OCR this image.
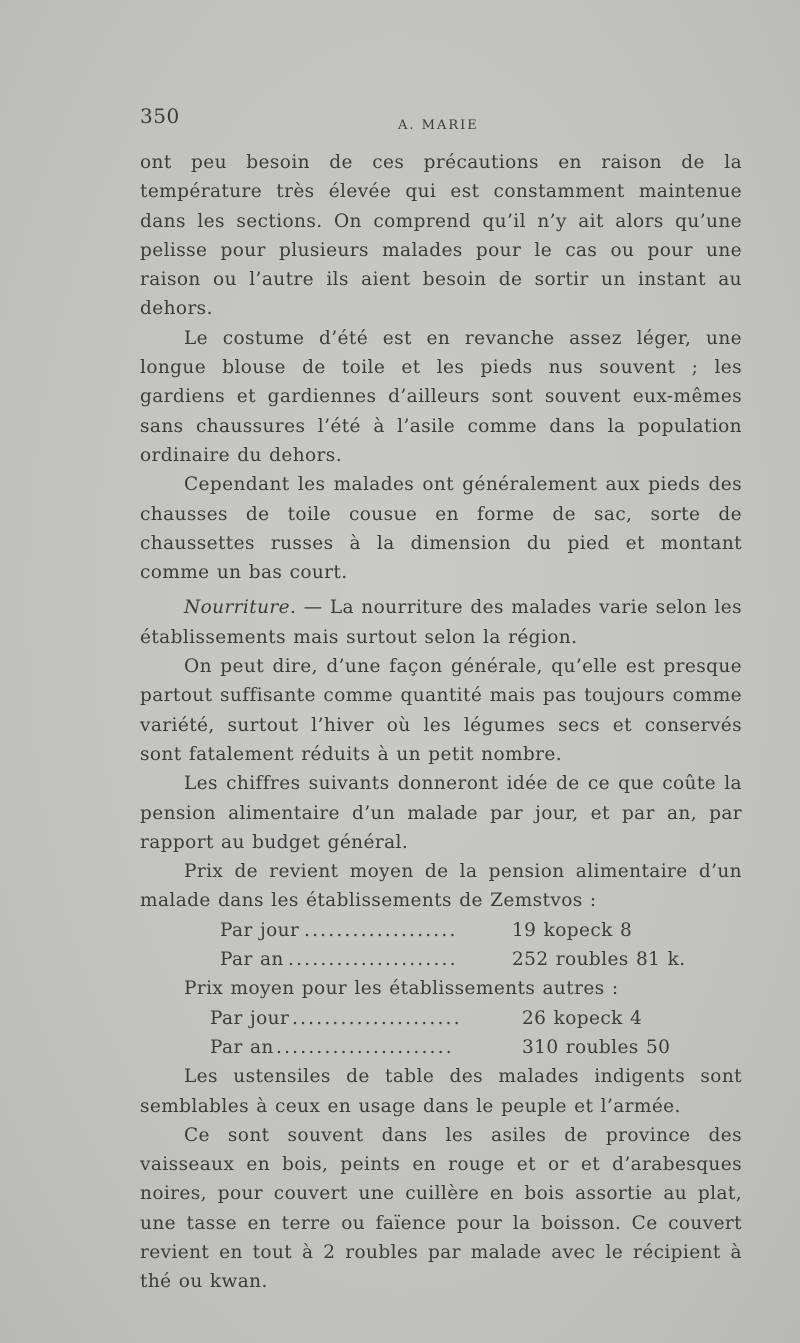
350	A. MARIE

ont peu besoin de ces précautions en raison de la température très élevée qui est constamment maintenue dans les sections. On comprend qu’il n’y ait alors qu’une pelisse pour plusieurs malades pour le cas ou pour une raison ou l’autre ils aient besoin de sortir un instant au dehors.

Le costume d’été est en revanche assez léger, une longue blouse de toile et les pieds nus souvent ; les gardiens et gardiennes d’ailleurs sont souvent eux-mêmes sans chaussures l’été à l’asile comme dans la population ordinaire du dehors.

Cependant les malades ont généralement aux pieds des chausses de toile cousue en forme de sac, sorte de chaussettes russes à la dimension du pied et montant comme un bas court.

Nourriture. — La nourriture des malades varie selon les établissements mais surtout selon la région.

On peut dire, d’une façon générale, qu’elle est presque partout suffisante comme quantité mais pas toujours comme variété, surtout l’hiver où les légumes secs et conservés sont fatalement réduits à un petit nombre.

Les chiffres suivants donneront idée de ce que coûte la pension alimentaire d’un malade par jour, et par an, par rapport au budget général.

Prix de revient moyen de la pension alimentaire d’un malade dans les établissements de Zemstvos :

Par jour ...................	19 kopeck 8
Par an .....................	252 roubles 81 k.

Prix moyen pour les établissements autres :

Par jour .....................	26 kopeck 4
Par an ......................	310 roubles 50

Les ustensiles de table des malades indigents sont semblables à ceux en usage dans le peuple et l’armée.

Ce sont souvent dans les asiles de province des vaisseaux en bois, peints en rouge et or et d’arabesques noires, pour couvert une cuillère en bois assortie au plat, une tasse en terre ou faïence pour la boisson. Ce couvert revient en tout à 2 roubles par malade avec le récipient à thé ou kwan.
